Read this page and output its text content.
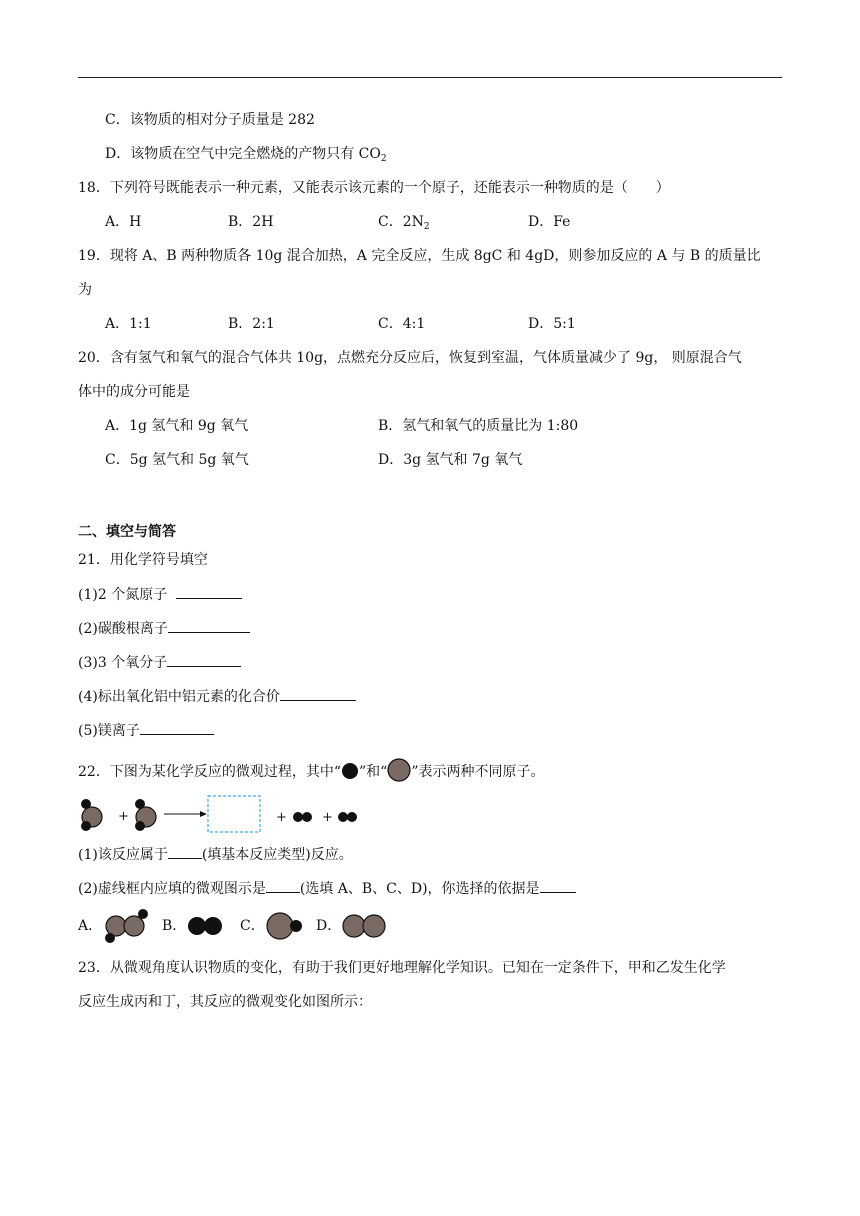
C．该物质的相对分子质量是 282
D．该物质在空气中完全燃烧的产物只有 $CO_2$
18．下列符号既能表示一种元素，又能表示该元素的一个原子，还能表示一种物质的是（　　）
A．H	B．2H	C．$2N_2$	D．Fe
19．现将 A、B 两种物质各 10g 混合加热，A 完全反应，生成 8gC 和 4gD，则参加反应的 A 与 B 的质量比
为
A．1:1	B．2:1	C．4:1	D．5:1
20．含有氢气和氧气的混合气体共 10g，点燃充分反应后，恢复到室温，气体质量减少了 9g， 则原混合气
体中的成分可能是
A．1g 氢气和 9g 氧气	B．氢气和氧气的质量比为 1:80
C．5g 氢气和 5g 氧气	D．3g 氢气和 7g 氧气
二、填空与简答
21．用化学符号填空
(1)2 个氮原子
(2)碳酸根离子
(3)3 个氧分子
(4)标出氧化铝中铝元素的化合价
(5)镁离子
22．下图为某化学反应的微观过程，其中“ ”和“ ”表示两种不同原子。
+	+	+
(1)该反应属于 (填基本反应类型)反应。
(2)虚线框内应填的微观图示是 (选填 A、B、C、D)，你选择的依据是
A．	B．	C．	D．
23．从微观角度认识物质的变化，有助于我们更好地理解化学知识。已知在一定条件下，甲和乙发生化学
反应生成丙和丁，其反应的微观变化如图所示：
